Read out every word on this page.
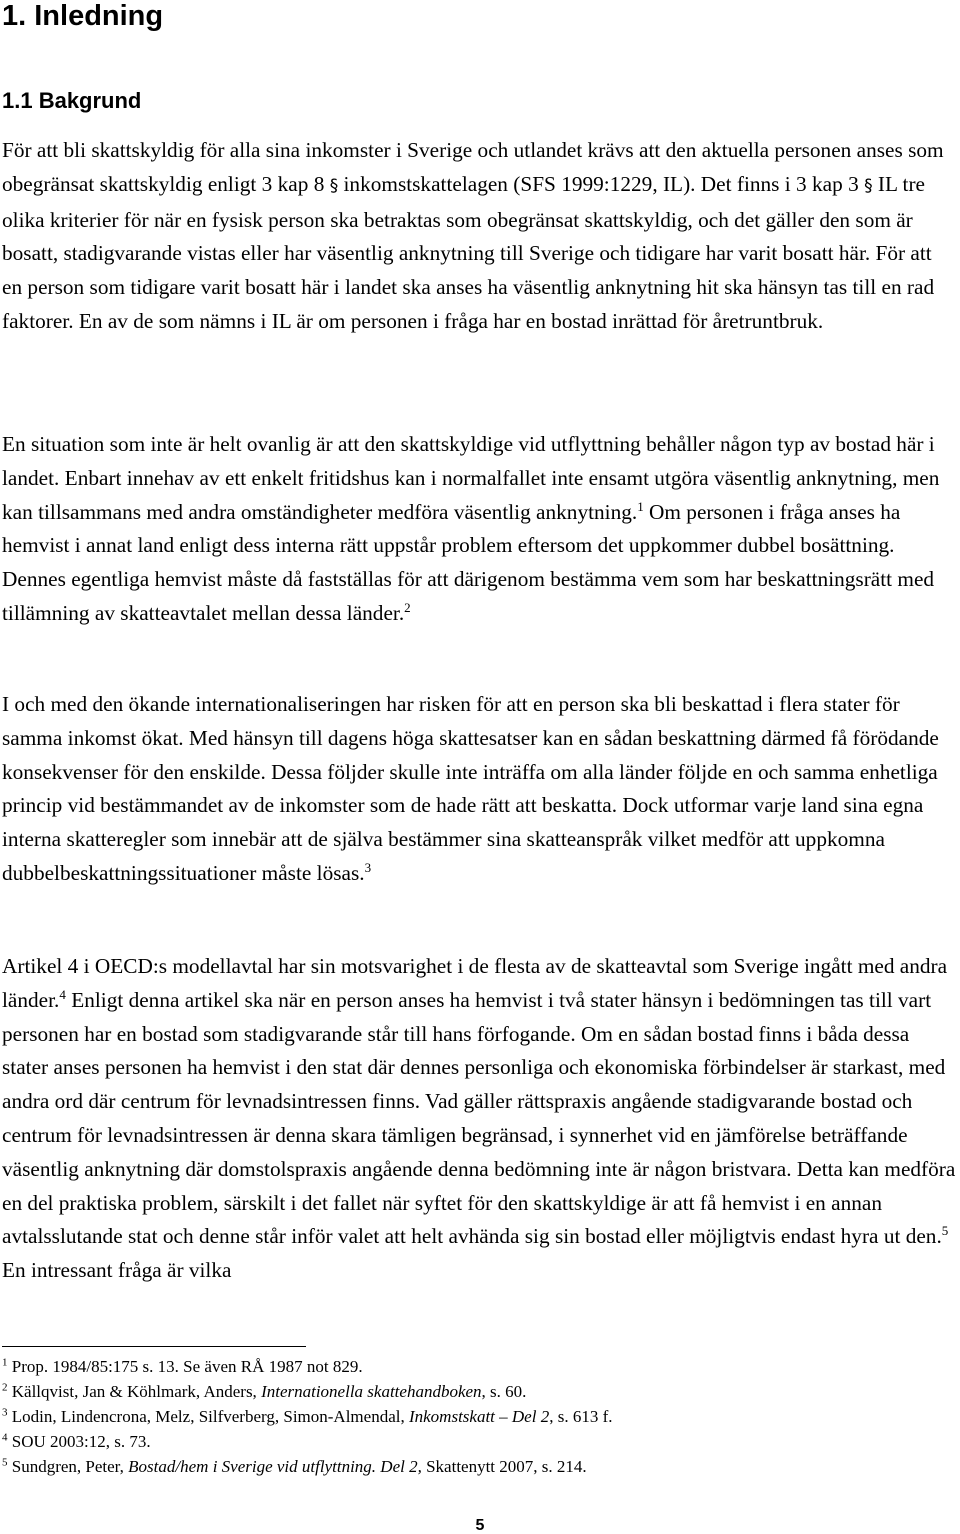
1. Inledning
1.1 Bakgrund

För att bli skattskyldig för alla sina inkomster i Sverige och utlandet krävs att den aktuella personen anses som obegränsat skattskyldig enligt 3 kap 8 § inkomstskattelagen (SFS 1999:1229, IL). Det finns i 3 kap 3 § IL tre olika kriterier för när en fysisk person ska betraktas som obegränsat skattskyldig, och det gäller den som är bosatt, stadigvarande vistas eller har väsentlig anknytning till Sverige och tidigare har varit bosatt här. För att en person som tidigare varit bosatt här i landet ska anses ha väsentlig anknytning hit ska hänsyn tas till en rad faktorer. En av de som nämns i IL är om personen i fråga har en bostad inrättad för åretruntbruk.

En situation som inte är helt ovanlig är att den skattskyldige vid utflyttning behåller någon typ av bostad här i landet. Enbart innehav av ett enkelt fritidshus kan i normalfallet inte ensamt utgöra väsentlig anknytning, men kan tillsammans med andra omständigheter medföra väsentlig anknytning.$^1$ Om personen i fråga anses ha hemvist i annat land enligt dess interna rätt uppstår problem eftersom det uppkommer dubbel bosättning. Dennes egentliga hemvist måste då fastställas för att därigenom bestämma vem som har beskattningsrätt med tillämning av skatteavtalet mellan dessa länder.$^2$

I och med den ökande internationaliseringen har risken för att en person ska bli beskattad i flera stater för samma inkomst ökat. Med hänsyn till dagens höga skattesatser kan en sådan beskattning därmed få förödande konsekvenser för den enskilde. Dessa följder skulle inte inträffa om alla länder följde en och samma enhetliga princip vid bestämmandet av de inkomster som de hade rätt att beskatta. Dock utformar varje land sina egna interna skatteregler som innebär att de själva bestämmer sina skatteanspråk vilket medför att uppkomna dubbelbeskattningssituationer måste lösas.$^3$

Artikel 4 i OECD:s modellavtal har sin motsvarighet i de flesta av de skatteavtal som Sverige ingått med andra länder.$^4$ Enligt denna artikel ska när en person anses ha hemvist i två stater hänsyn i bedömningen tas till vart personen har en bostad som stadigvarande står till hans förfogande. Om en sådan bostad finns i båda dessa stater anses personen ha hemvist i den stat där dennes personliga och ekonomiska förbindelser är starkast, med andra ord där centrum för levnadsintressen finns. Vad gäller rättspraxis angående stadigvarande bostad och centrum för levnadsintressen är denna skara tämligen begränsad, i synnerhet vid en jämförelse beträffande väsentlig anknytning där domstolspraxis angående denna bedömning inte är någon bristvara. Detta kan medföra en del praktiska problem, särskilt i det fallet när syftet för den skattskyldige är att få hemvist i en annan avtalsslutande stat och denne står inför valet att helt avhända sig sin bostad eller möjligtvis endast hyra ut den.$^5$ En intressant fråga är vilka

$^1$ Prop. 1984/85:175 s. 13. Se även RÅ 1987 not 829.

$^2$ Källqvist, Jan & Köhlmark, Anders, Internationella skattehandboken, s. 60.

$^3$ Lodin, Lindencrona, Melz, Silfverberg, Simon-Almendal, Inkomstskatt – Del 2, s. 613 f.

$^4$ SOU 2003:12, s. 73.

$^5$ Sundgren, Peter, Bostad/hem i Sverige vid utflyttning. Del 2, Skattenytt 2007, s. 214.

5
